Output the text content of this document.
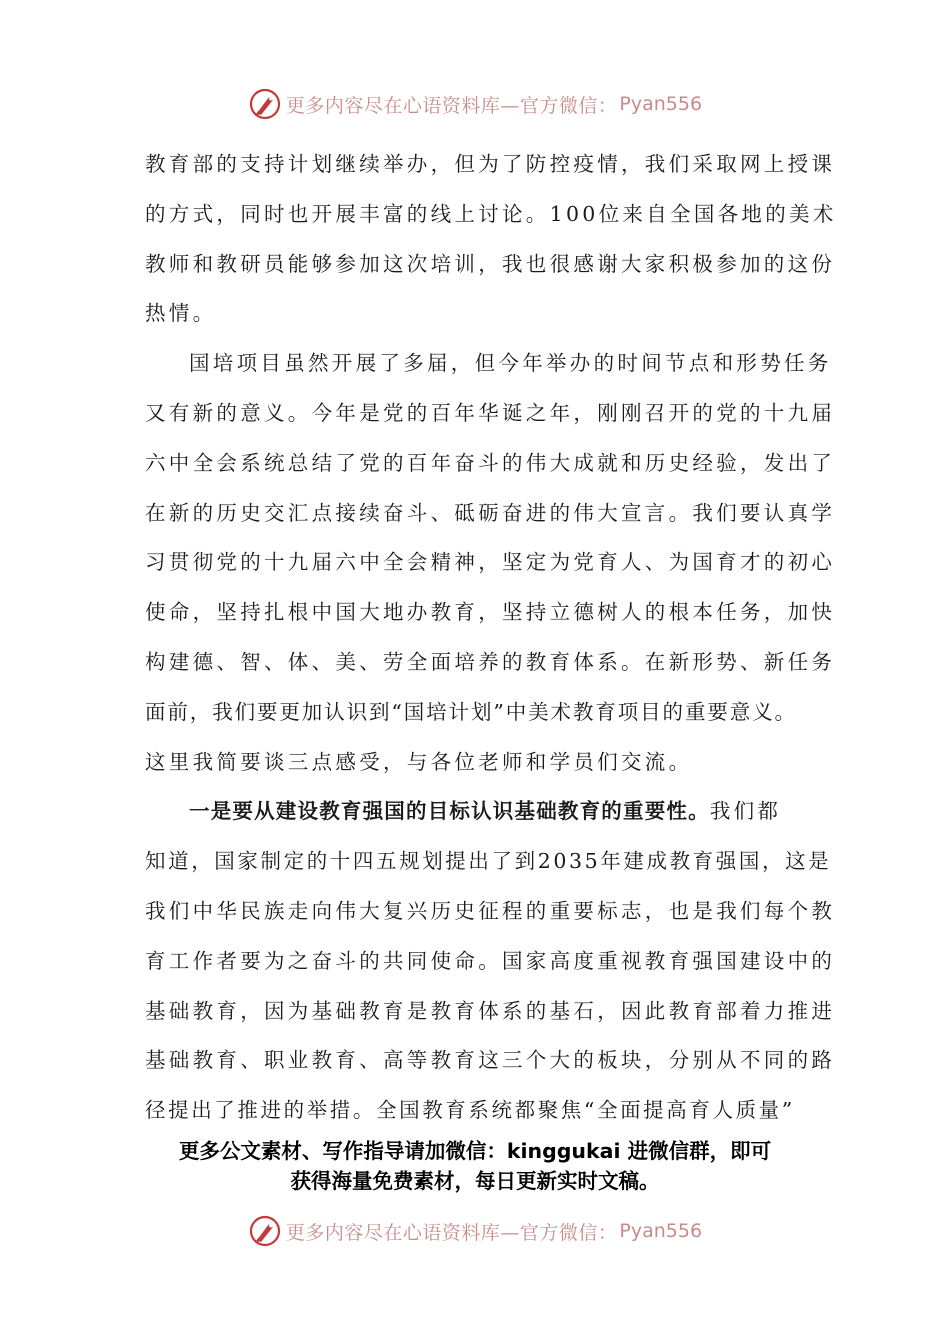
更多内容尽在心语资料库—官方微信： Pyan556
教育部的支持计划继续举办，但为了防控疫情，我们采取网上授课
的方式，同时也开展丰富的线上讨论。100位来自全国各地的美术
教师和教研员能够参加这次培训，我也很感谢大家积极参加的这份
热情。
国培项目虽然开展了多届，但今年举办的时间节点和形势任务
又有新的意义。今年是党的百年华诞之年，刚刚召开的党的十九届
六中全会系统总结了党的百年奋斗的伟大成就和历史经验，发出了
在新的历史交汇点接续奋斗、砥砺奋进的伟大宣言。我们要认真学
习贯彻党的十九届六中全会精神，坚定为党育人、为国育才的初心
使命，坚持扎根中国大地办教育，坚持立德树人的根本任务，加快
构建德、智、体、美、劳全面培养的教育体系。在新形势、新任务
面前，我们要更加认识到“国培计划”中美术教育项目的重要意义。
这里我简要谈三点感受，与各位老师和学员们交流。
一是要从建设教育强国的目标认识基础教育的重要性。我们都
知道，国家制定的十四五规划提出了到2035年建成教育强国，这是
我们中华民族走向伟大复兴历史征程的重要标志，也是我们每个教
育工作者要为之奋斗的共同使命。国家高度重视教育强国建设中的
基础教育，因为基础教育是教育体系的基石，因此教育部着力推进
基础教育、职业教育、高等教育这三个大的板块，分别从不同的路
径提出了推进的举措。全国教育系统都聚焦“全面提高育人质量”
更多公文素材、写作指导请加微信：kinggukai 进微信群，即可
获得海量免费素材，每日更新实时文稿。
更多内容尽在心语资料库—官方微信： Pyan556
